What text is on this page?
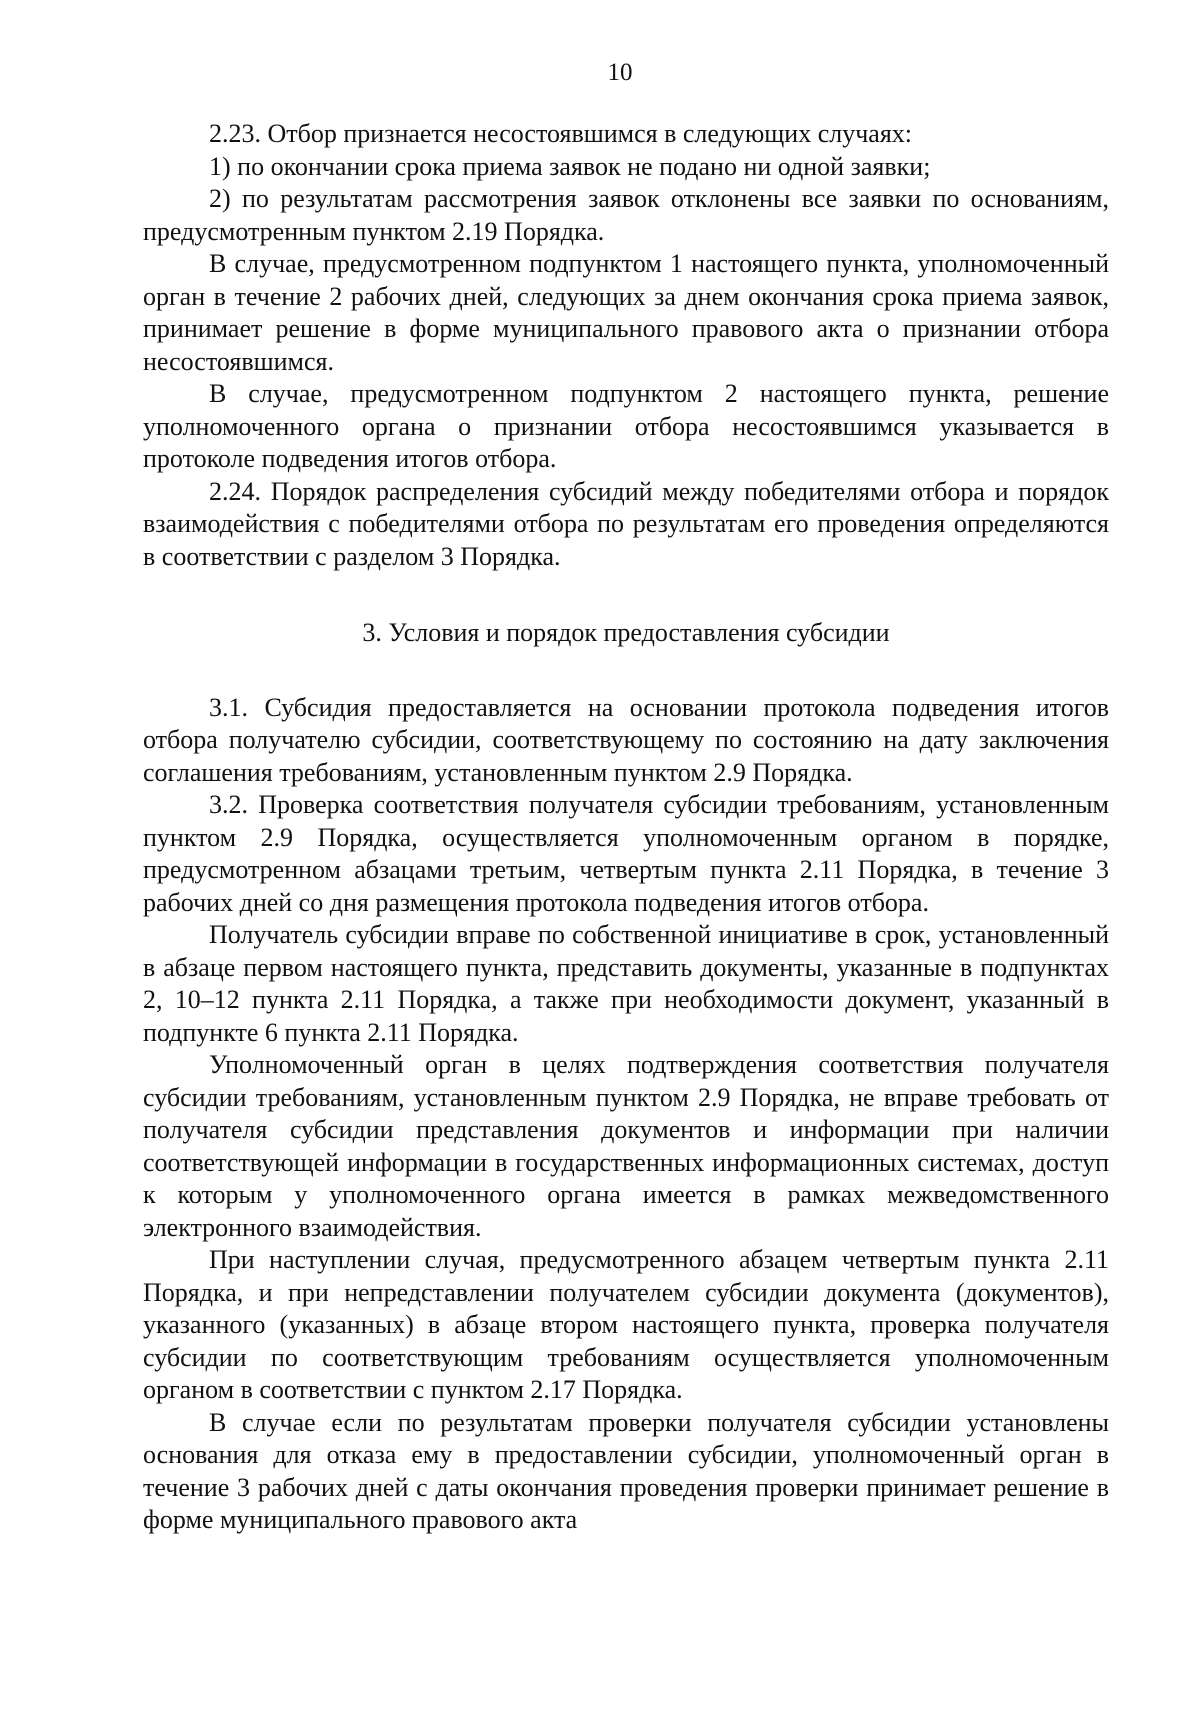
10

2.23. Отбор признается несостоявшимся в следующих случаях:

1) по окончании срока приема заявок не подано ни одной заявки;

2) по результатам рассмотрения заявок отклонены все заявки по основаниям, предусмотренным пунктом 2.19 Порядка.

В случае, предусмотренном подпунктом 1 настоящего пункта, уполномоченный орган в течение 2 рабочих дней, следующих за днем окончания срока приема заявок, принимает решение в форме муниципального правового акта о признании отбора несостоявшимся.

В случае, предусмотренном подпунктом 2 настоящего пункта, решение уполномоченного органа о признании отбора несостоявшимся указывается в протоколе подведения итогов отбора.

2.24. Порядок распределения субсидий между победителями отбора и порядок взаимодействия с победителями отбора по результатам его проведения определяются в соответствии с разделом 3 Порядка.

3. Условия и порядок предоставления субсидии

3.1. Субсидия предоставляется на основании протокола подведения итогов отбора получателю субсидии, соответствующему по состоянию на дату заключения соглашения требованиям, установленным пунктом 2.9 Порядка.

3.2. Проверка соответствия получателя субсидии требованиям, установленным пунктом 2.9 Порядка, осуществляется уполномоченным органом в порядке, предусмотренном абзацами третьим, четвертым пункта 2.11 Порядка, в течение 3 рабочих дней со дня размещения протокола подведения итогов отбора.

Получатель субсидии вправе по собственной инициативе в срок, установленный в абзаце первом настоящего пункта, представить документы, указанные в подпунктах 2, 10–12 пункта 2.11 Порядка, а также при необходимости документ, указанный в подпункте 6 пункта 2.11 Порядка.

Уполномоченный орган в целях подтверждения соответствия получателя субсидии требованиям, установленным пунктом 2.9 Порядка, не вправе требовать от получателя субсидии представления документов и информации при наличии соответствующей информации в государственных информационных системах, доступ к которым у уполномоченного органа имеется в рамках межведомственного электронного взаимодействия.

При наступлении случая, предусмотренного абзацем четвертым пункта 2.11 Порядка, и при непредставлении получателем субсидии документа (документов), указанного (указанных) в абзаце втором настоящего пункта, проверка получателя субсидии по соответствующим требованиям осуществляется уполномоченным органом в соответствии с пунктом 2.17 Порядка.

В случае если по результатам проверки получателя субсидии установлены основания для отказа ему в предоставлении субсидии, уполномоченный орган в течение 3 рабочих дней с даты окончания проведения проверки принимает решение в форме муниципального правового акта
